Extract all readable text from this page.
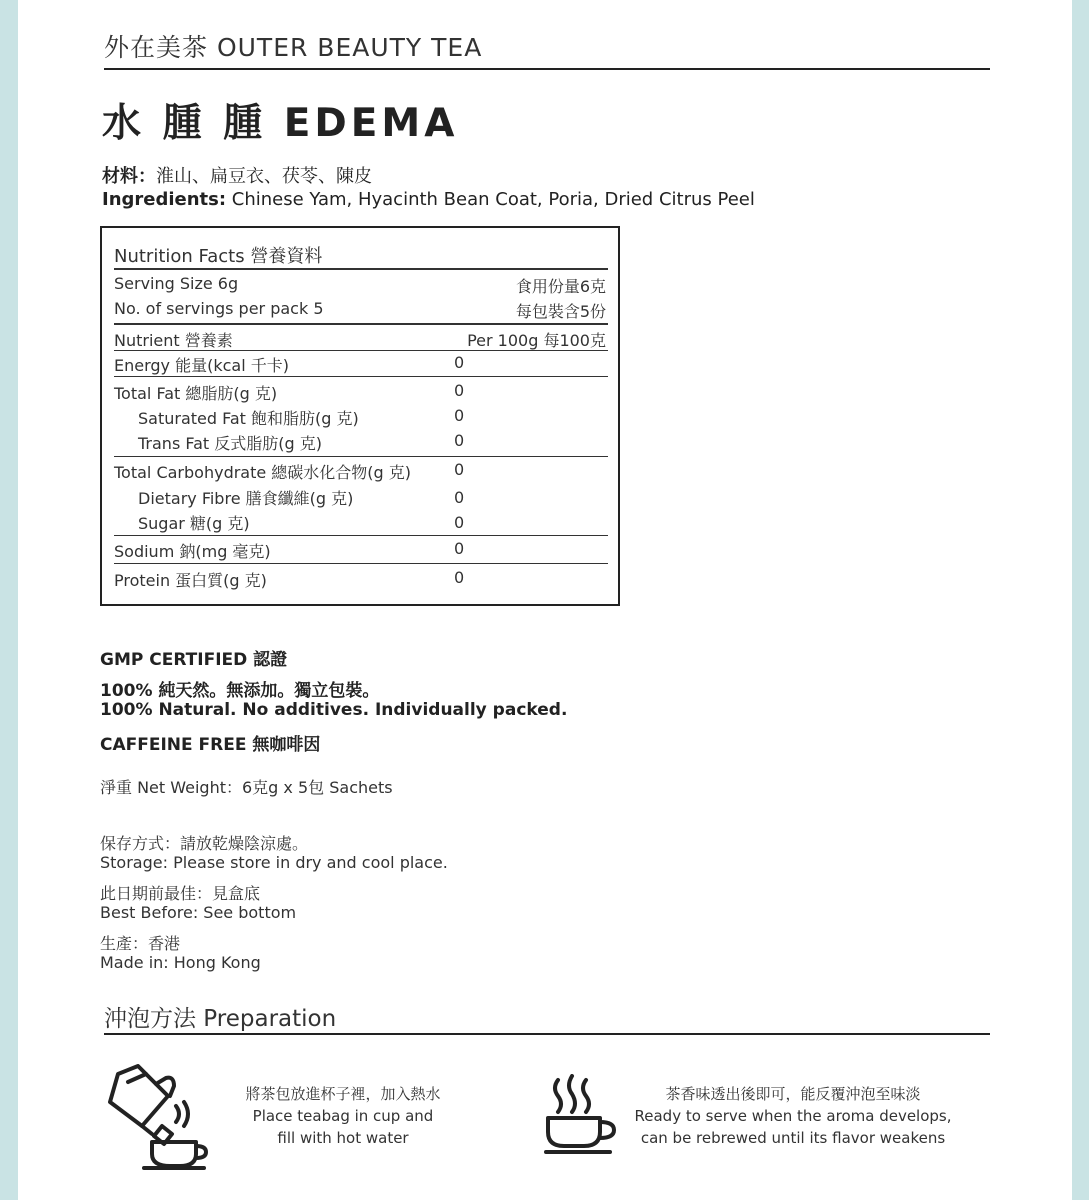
外在美茶 OUTER BEAUTY TEA
水 腫 腫 EDEMA
材料：淮山、扁豆衣、茯苓、陳皮
Ingredients: Chinese Yam, Hyacinth Bean Coat, Poria, Dried Citrus Peel
Nutrition Facts 營養資料
Serving Size 6g	食用份量6克
No. of servings per pack 5	每包裝含5份
Nutrient 營養素	Per 100g 每100克
Energy 能量(kcal 千卡)	0
Total Fat 總脂肪(g 克)	0
Saturated Fat 飽和脂肪(g 克)	0
Trans Fat 反式脂肪(g 克)	0
Total Carbohydrate 總碳水化合物(g 克)	0
Dietary Fibre 膳食纖維(g 克)	0
Sugar 糖(g 克)	0
Sodium 鈉(mg 毫克)	0
Protein 蛋白質(g 克)	0
GMP CERTIFIED 認證
100% 純天然。無添加。獨立包裝。
100% Natural. No additives. Individually packed.
CAFFEINE FREE 無咖啡因
淨重 Net Weight：6克g x 5包 Sachets
保存方式：請放乾燥陰涼處。
Storage: Please store in dry and cool place.
此日期前最佳：見盒底
Best Before: See bottom
生產：香港
Made in: Hong Kong
沖泡方法 Preparation
將茶包放進杯子裡，加入熱水
Place teabag in cup and
fill with hot water
茶香味透出後即可，能反覆沖泡至味淡
Ready to serve when the aroma develops,
can be rebrewed until its flavor weakens
